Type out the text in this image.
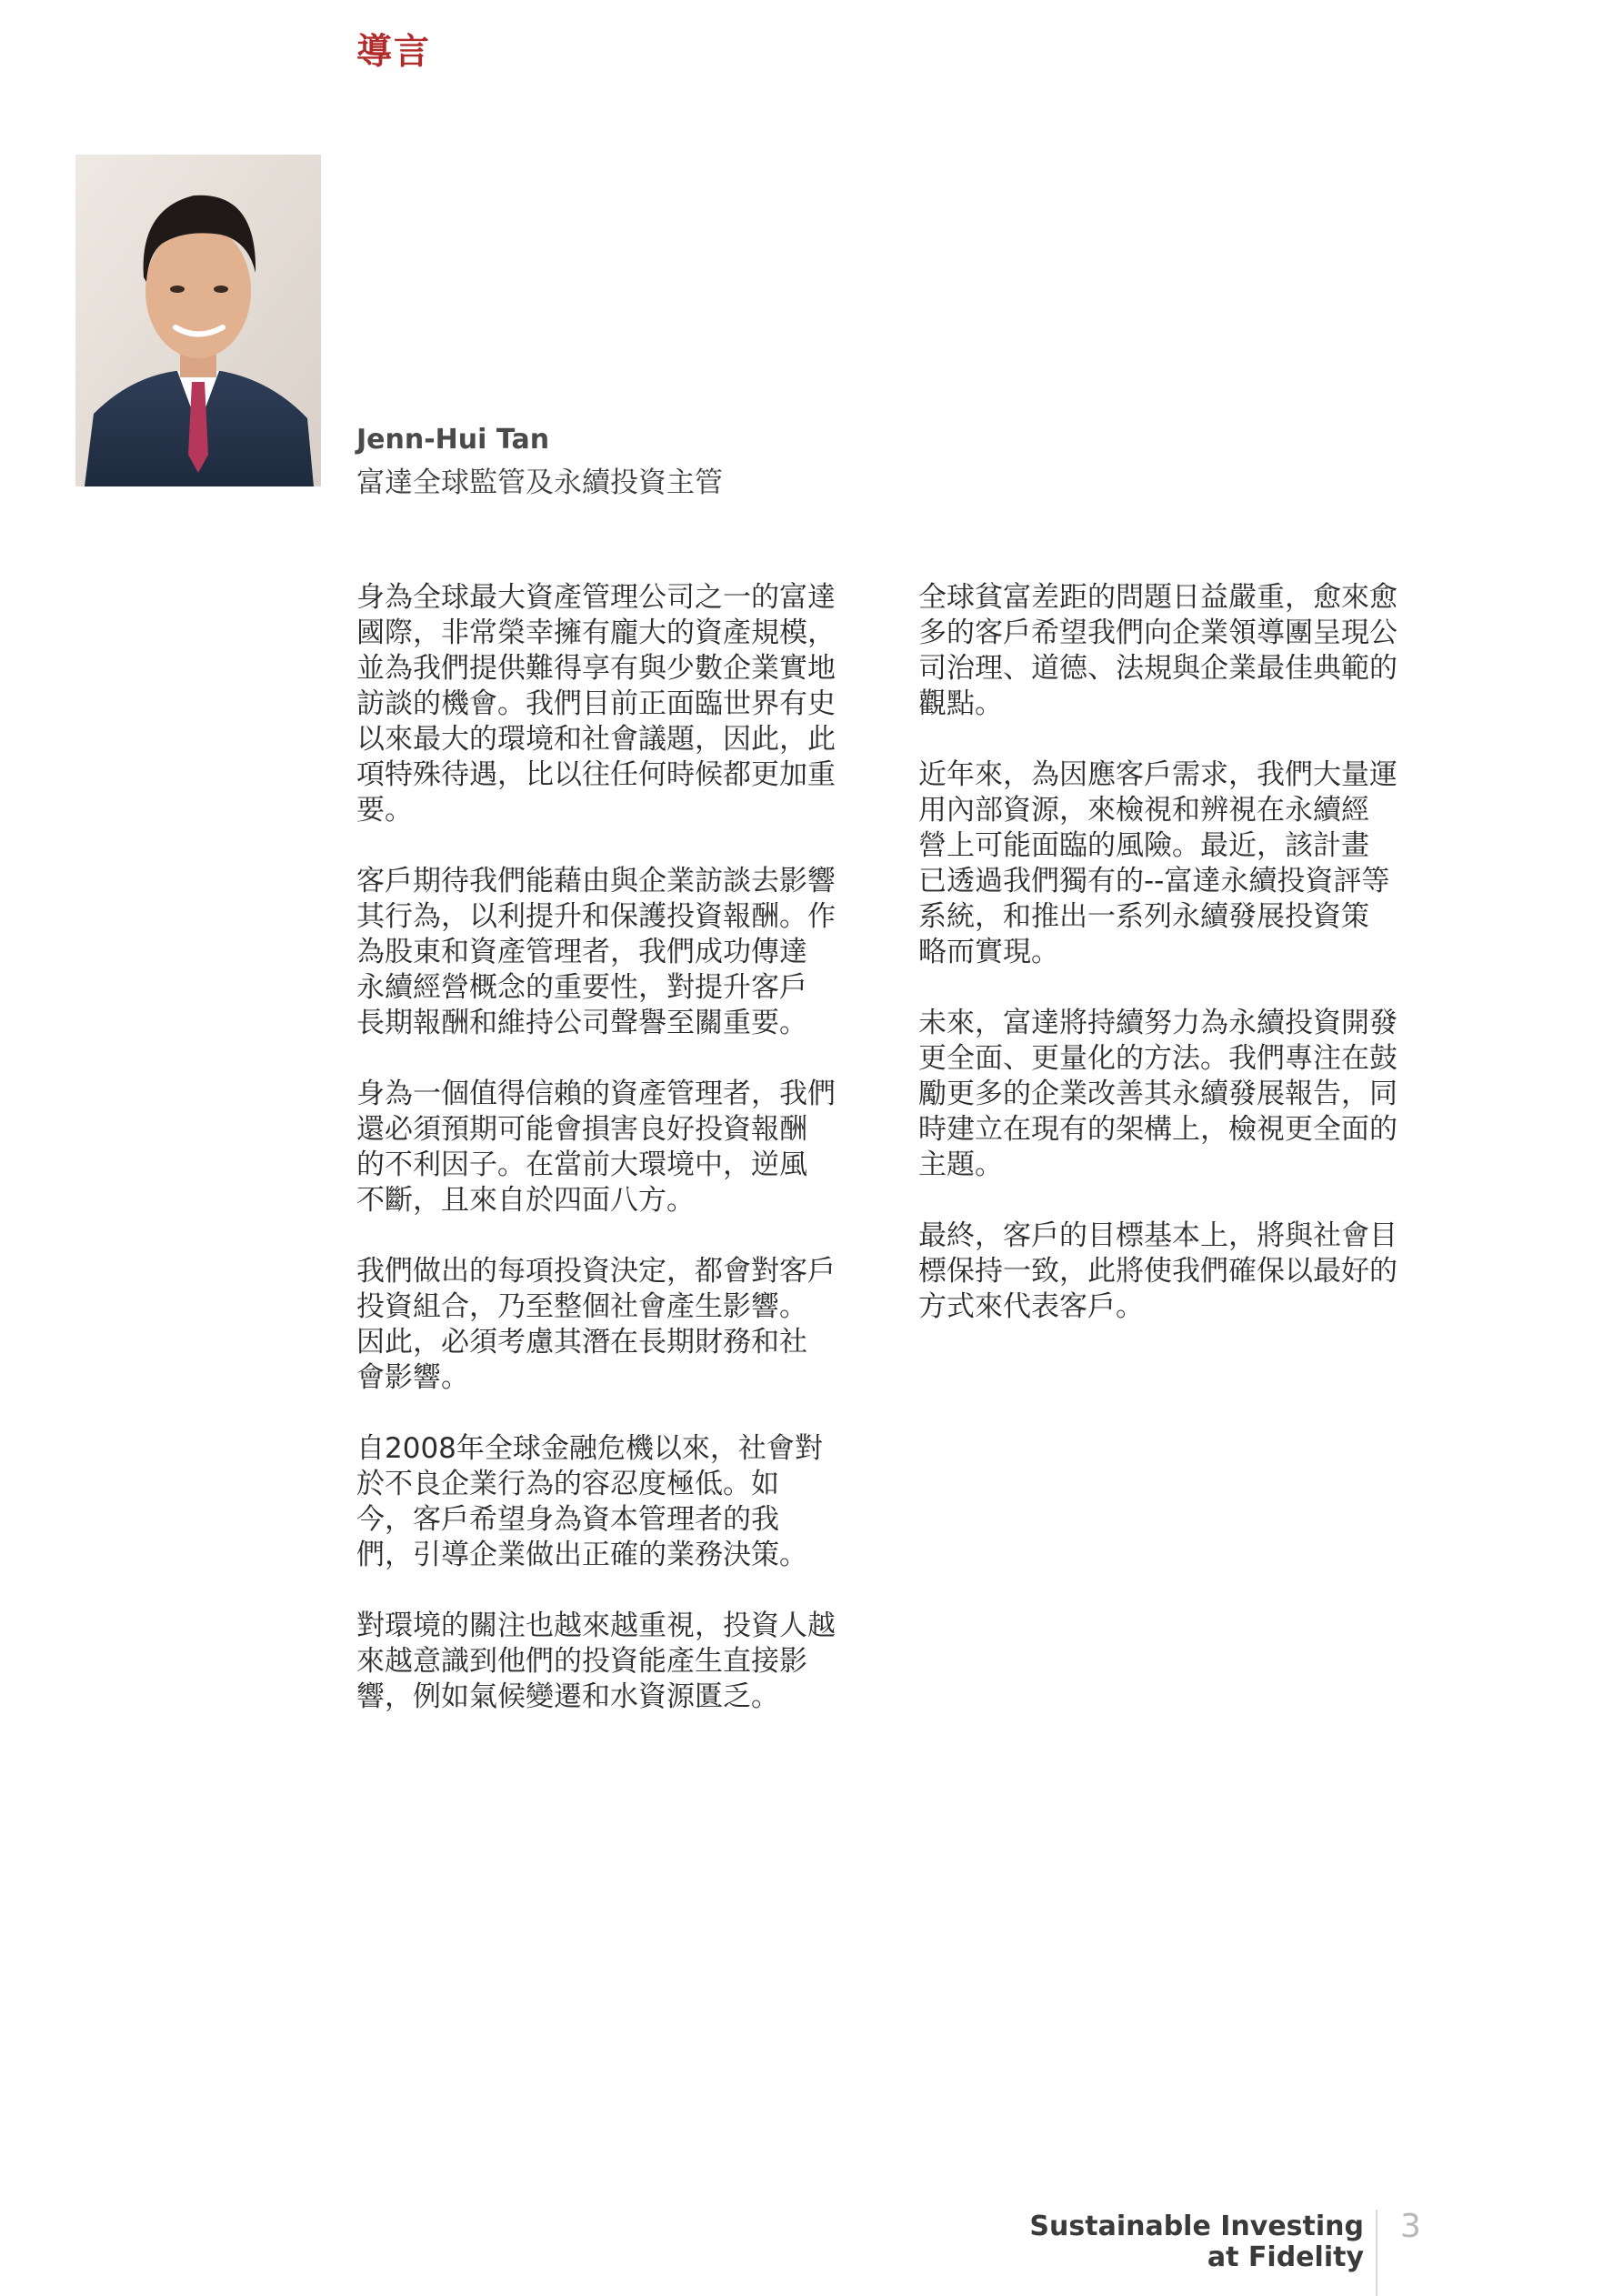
導言
Jenn-Hui Tan
富達全球監管及永續投資主管

身為全球最大資產管理公司之一的富達
國際，非常榮幸擁有龐大的資產規模，
並為我們提供難得享有與少數企業實地
訪談的機會。我們目前正面臨世界有史
以來最大的環境和社會議題，因此，此
項特殊待遇，比以往任何時候都更加重
要。

客戶期待我們能藉由與企業訪談去影響
其行為，以利提升和保護投資報酬。作
為股東和資產管理者，我們成功傳達
永續經營概念的重要性，對提升客戶
長期報酬和維持公司聲譽至關重要。

身為一個值得信賴的資產管理者，我們
還必須預期可能會損害良好投資報酬
的不利因子。在當前大環境中，逆風
不斷，且來自於四面八方。

我們做出的每項投資決定，都會對客戶
投資組合，乃至整個社會產生影響。
因此，必須考慮其潛在長期財務和社
會影響。

自2008年全球金融危機以來，社會對
於不良企業行為的容忍度極低。如
今，客戶希望身為資本管理者的我
們，引導企業做出正確的業務決策。

對環境的關注也越來越重視，投資人越
來越意識到他們的投資能產生直接影
響，例如氣候變遷和水資源匱乏。

全球貧富差距的問題日益嚴重，愈來愈
多的客戶希望我們向企業領導團呈現公
司治理、道德、法規與企業最佳典範的
觀點。

近年來，為因應客戶需求，我們大量運
用內部資源，來檢視和辨視在永續經
營上可能面臨的風險。最近，該計畫
已透過我們獨有的--富達永續投資評等
系統，和推出一系列永續發展投資策
略而實現。

未來，富達將持續努力為永續投資開發
更全面、更量化的方法。我們專注在鼓
勵更多的企業改善其永續發展報告，同
時建立在現有的架構上，檢視更全面的
主題。

最終，客戶的目標基本上，將與社會目
標保持一致，此將使我們確保以最好的
方式來代表客戶。

Sustainable Investing
at Fidelity
3
